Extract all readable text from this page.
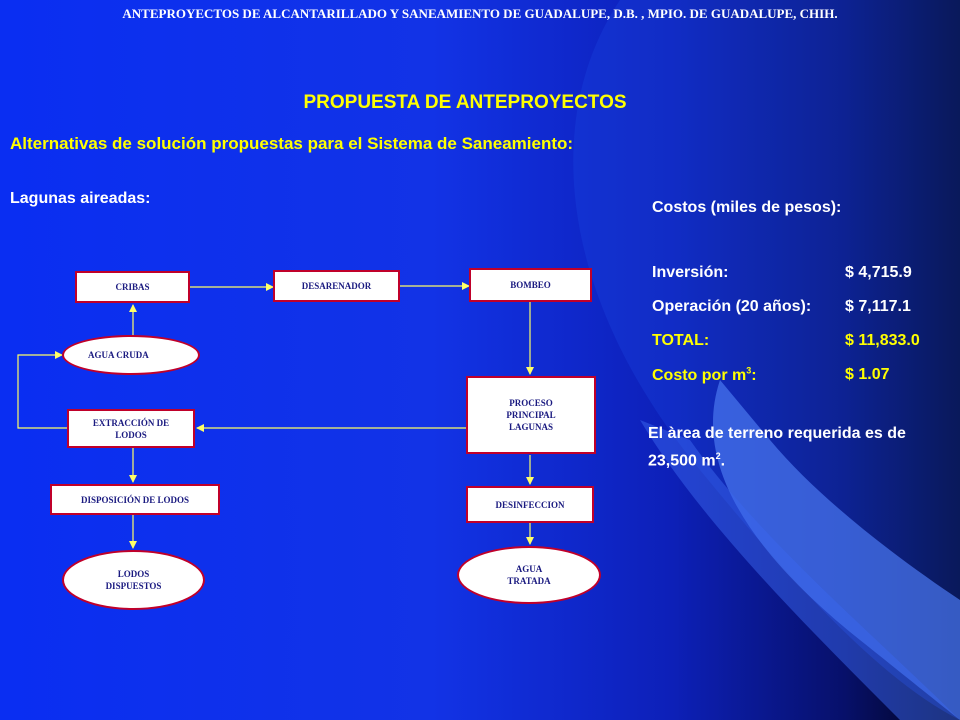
ANTEPROYECTOS DE ALCANTARILLADO Y SANEAMIENTO DE GUADALUPE, D.B. , MPIO. DE GUADALUPE, CHIH.
PROPUESTA DE ANTEPROYECTOS
Alternativas de solución propuestas para el Sistema de Saneamiento:
Lagunas aireadas:
Costos (miles de pesos):
Inversión:	$ 4,715.9
Operación (20 años): $ 7,117.1
TOTAL:	$ 11,833.0
Costo por $m^3$:	$ 1.07
El àrea de terreno requerida es de 23,500 $m^2$.
CRIBAS	DESARENADOR	BOMBEO
AGUA CRUDA
PROCESO PRINCIPAL LAGUNAS
EXTRACCIÓN DE LODOS
DISPOSICIÓN DE LODOS	DESINFECCION
LODOS DISPUESTOS
AGUA TRATADA
